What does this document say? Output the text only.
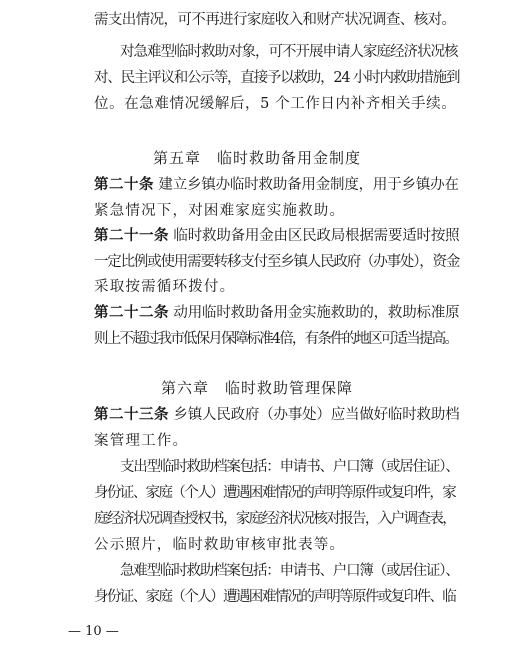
需支出情况，可不再进行家庭收入和财产状况调查、核对。
对急难型临时救助对象，可不开展申请人家庭经济状况核
对、民主评议和公示等，直接予以救助，24 小时内救助措施到
位。在急难情况缓解后，5 个工作日内补齐相关手续。
第五章　临时救助备用金制度
第二十条 建立乡镇办临时救助备用金制度，用于乡镇办在
紧急情况下，对困难家庭实施救助。
第二十一条 临时救助备用金由区民政局根据需要适时按照
一定比例或使用需要转移支付至乡镇人民政府（办事处），资金
采取按需循环拨付。
第二十二条 动用临时救助备用金实施救助的，救助标准原
则上不超过我市低保月保障标准4倍，有条件的地区可适当提高。
第六章　临时救助管理保障
第二十三条 乡镇人民政府（办事处）应当做好临时救助档
案管理工作。
支出型临时救助档案包括：申请书、户口簿（或居住证）、
身份证、家庭（个人）遭遇困难情况的声明等原件或复印件，家
庭经济状况调查授权书，家庭经济状况核对报告，入户调查表，
公示照片，临时救助审核审批表等。
急难型临时救助档案包括：申请书、户口簿（或居住证）、
身份证、家庭（个人）遭遇困难情况的声明等原件或复印件、临
— 10 —
